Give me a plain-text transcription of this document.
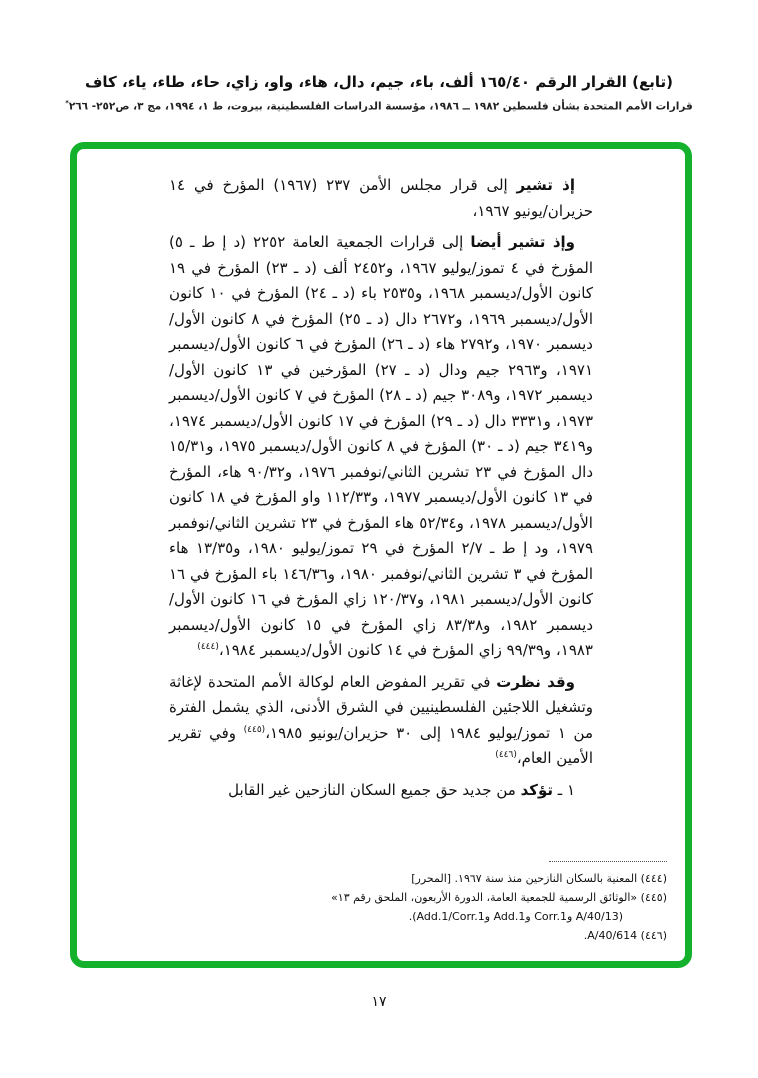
(تابع) القرار الرقم ١٦٥/٤٠ ألف، باء، جيم، دال، هاء، واو، زاي، حاء، طاء، ياء، كاف
قرارات الأمم المتحدة بشأن فلسطين ١٩٨٢ ــ ١٩٨٦، مؤسسة الدراسات الفلسطينية، بيروت، ط ١، ١٩٩٤، مج ٣، ص٢٥٢- ٢٦٦*

إذ تشير إلى قرار مجلس الأمن ٢٣٧ (١٩٦٧) المؤرخ في ١٤ حزيران/يونيو ١٩٦٧،

وإذ تشير أيضا إلى قرارات الجمعية العامة ٢٢٥٢ (د إ ط ـ ٥) المؤرخ في ٤ تموز/يوليو ١٩٦٧، و٢٤٥٢ ألف (د ـ ٢٣) المؤرخ في ١٩ كانون الأول/ديسمبر ١٩٦٨، و٢٥٣٥ باء (د ـ ٢٤) المؤرخ في ١٠ كانون الأول/ديسمبر ١٩٦٩، و٢٦٧٢ دال (د ـ ٢٥) المؤرخ في ٨ كانون الأول/ديسمبر ١٩٧٠، و٢٧٩٢ هاء (د ـ ٢٦) المؤرخ في ٦ كانون الأول/ديسمبر ١٩٧١، و٢٩٦٣ جيم ودال (د ـ ٢٧) المؤرخين في ١٣ كانون الأول/ديسمبر ١٩٧٢، و٣٠٨٩ جيم (د ـ ٢٨) المؤرخ في ٧ كانون الأول/ديسمبر ١٩٧٣، و٣٣٣١ دال (د ـ ٢٩) المؤرخ في ١٧ كانون الأول/ديسمبر ١٩٧٤، و٣٤١٩ جيم (د ـ ٣٠) المؤرخ في ٨ كانون الأول/ديسمبر ١٩٧٥، و١٥/٣١ دال المؤرخ في ٢٣ تشرين الثاني/نوفمبر ١٩٧٦، و٩٠/٣٢ هاء، المؤرخ في ١٣ كانون الأول/ديسمبر ١٩٧٧، و١١٢/٣٣ واو المؤرخ في ١٨ كانون الأول/ديسمبر ١٩٧٨، و٥٢/٣٤ هاء المؤرخ في ٢٣ تشرين الثاني/نوفمبر ١٩٧٩، ود إ ط ـ ٢/٧ المؤرخ في ٢٩ تموز/يوليو ١٩٨٠، و١٣/٣٥ هاء المؤرخ في ٣ تشرين الثاني/نوفمبر ١٩٨٠، و١٤٦/٣٦ باء المؤرخ في ١٦ كانون الأول/ديسمبر ١٩٨١، و١٢٠/٣٧ زاي المؤرخ في ١٦ كانون الأول/ديسمبر ١٩٨٢، و٨٣/٣٨ زاي المؤرخ في ١٥ كانون الأول/ديسمبر ١٩٨٣، و٩٩/٣٩ زاي المؤرخ في ١٤ كانون الأول/ديسمبر ١٩٨٤،$^{(٤٤٤)}$

وقد نظرت في تقرير المفوض العام لوكالة الأمم المتحدة لإغاثة وتشغيل اللاجئين الفلسطينيين في الشرق الأدنى، الذي يشمل الفترة من ١ تموز/يوليو ١٩٨٤ إلى ٣٠ حزيران/يونيو ١٩٨٥،$^{(٤٤٥)}$ وفي تقرير الأمين العام،$^{(٤٤٦)}$

١ ـ تؤكد من جديد حق جميع السكان النازحين غير القابل

(٤٤٤) المعنية بالسكان النازحين منذ سنة ١٩٦٧. [المحرر]

(٤٤٥) «الوثائق الرسمية للجمعية العامة، الدورة الأربعون، الملحق رقم ١٣»

(A/40/13 وCorr.1 وAdd.1 وAdd.1/Corr.1).

(٤٤٦) A/40/614.

١٧
